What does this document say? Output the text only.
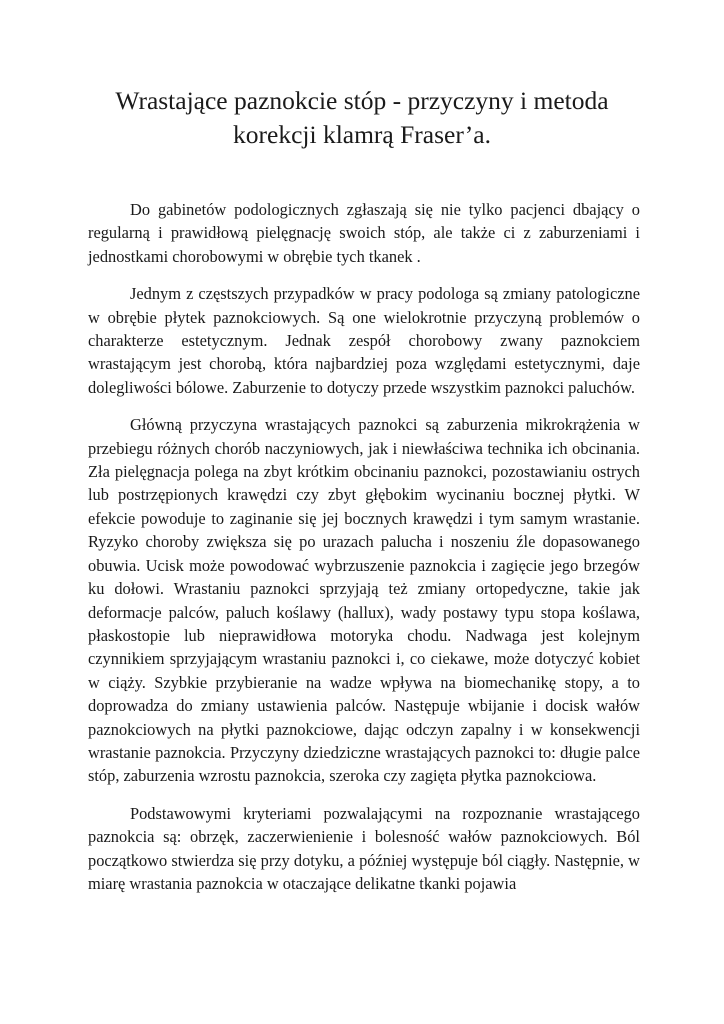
Wrastające paznokcie stóp - przyczyny i metoda
korekcji klamrą Fraser’a.

Do gabinetów podologicznych zgłaszają się nie tylko pacjenci dbający o regularną i prawidłową pielęgnację swoich stóp, ale także ci z zaburzeniami i jednostkami chorobowymi w obrębie tych tkanek .

Jednym z częstszych przypadków w pracy podologa są zmiany patologiczne w obrębie płytek paznokciowych. Są one wielokrotnie przyczyną problemów o charakterze estetycznym. Jednak zespół chorobowy zwany paznokciem wrastającym jest chorobą, która najbardziej poza względami estetycznymi, daje dolegliwości bólowe. Zaburzenie to dotyczy przede wszystkim paznokci paluchów.

Główną przyczyna wrastających paznokci są zaburzenia mikrokrążenia w przebiegu różnych chorób naczyniowych, jak i niewłaściwa technika ich obcinania. Zła pielęgnacja polega na zbyt krótkim obcinaniu paznokci, pozostawianiu ostrych lub postrzępionych krawędzi czy zbyt głębokim wycinaniu bocznej płytki. W efekcie powoduje to zaginanie się jej bocznych krawędzi i tym samym wrastanie. Ryzyko choroby zwiększa się po urazach palucha i noszeniu źle dopasowanego obuwia. Ucisk może powodować wybrzuszenie paznokcia i zagięcie jego brzegów ku dołowi. Wrastaniu paznokci sprzyjają też zmiany ortopedyczne, takie jak deformacje palców, paluch koślawy (hallux), wady postawy typu stopa koślawa, płaskostopie lub nieprawidłowa motoryka chodu. Nadwaga jest kolejnym czynnikiem sprzyjającym wrastaniu paznokci i, co ciekawe, może dotyczyć kobiet w ciąży. Szybkie przybieranie na wadze wpływa na biomechanikę stopy, a to doprowadza do zmiany ustawienia palców. Następuje wbijanie i docisk wałów paznokciowych na płytki paznokciowe, dając odczyn zapalny i w konsekwencji wrastanie paznokcia. Przyczyny dziedziczne wrastających paznokci to: długie palce stóp, zaburzenia wzrostu paznokcia, szeroka czy zagięta płytka paznokciowa.

Podstawowymi kryteriami pozwalającymi na rozpoznanie wrastającego paznokcia są: obrzęk, zaczerwienienie i bolesność wałów paznokciowych. Ból początkowo stwierdza się przy dotyku, a później występuje ból ciągły. Następnie, w miarę wrastania paznokcia w otaczające delikatne tkanki pojawia
